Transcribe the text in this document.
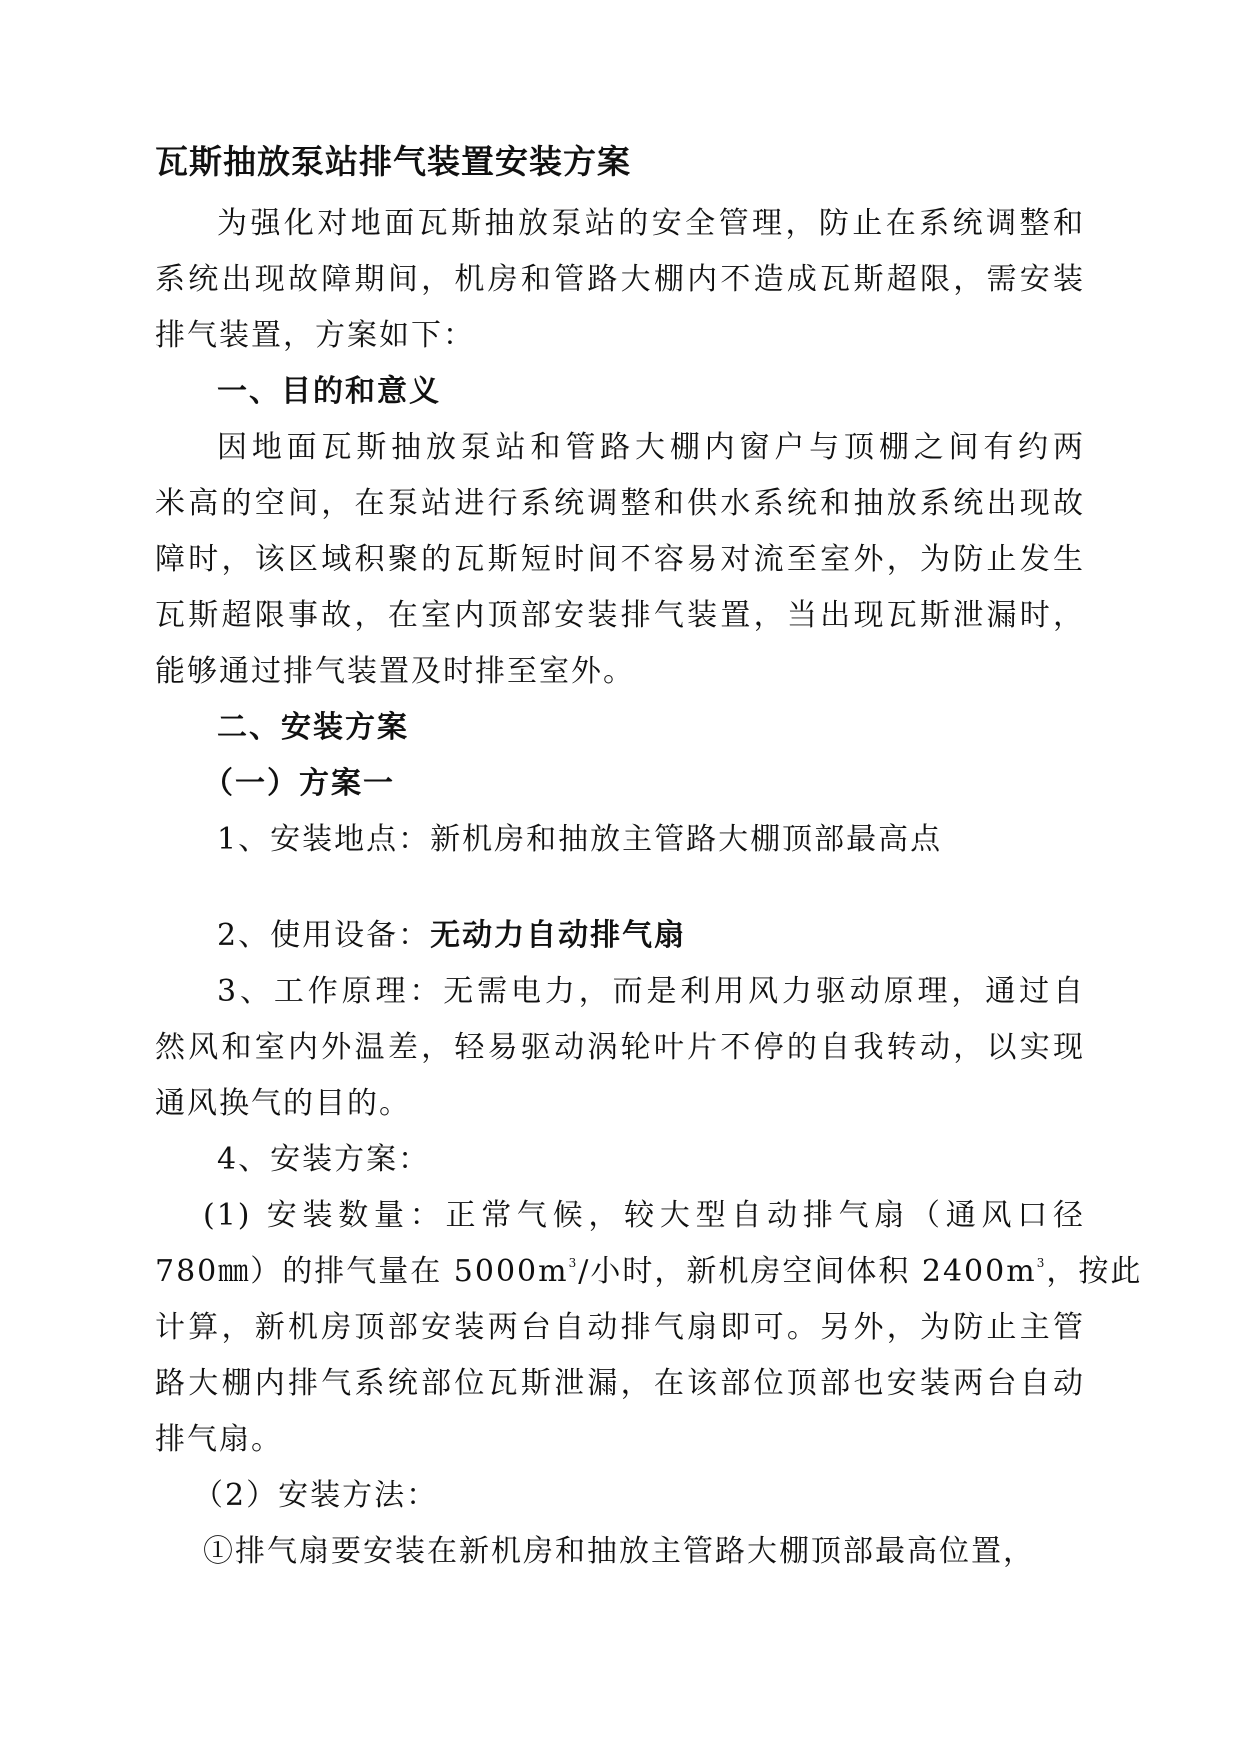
瓦斯抽放泵站排气装置安装方案
为强化对地面瓦斯抽放泵站的安全管理，防止在系统调整和
系统出现故障期间，机房和管路大棚内不造成瓦斯超限，需安装
排气装置，方案如下：
一、目的和意义
因地面瓦斯抽放泵站和管路大棚内窗户与顶棚之间有约两
米高的空间，在泵站进行系统调整和供水系统和抽放系统出现故
障时，该区域积聚的瓦斯短时间不容易对流至室外，为防止发生
瓦斯超限事故，在室内顶部安装排气装置，当出现瓦斯泄漏时，
能够通过排气装置及时排至室外。
二、安装方案
（一）方案一
1、安装地点：新机房和抽放主管路大棚顶部最高点
2、使用设备：无动力自动排气扇
3、工作原理：无需电力，而是利用风力驱动原理，通过自
然风和室内外温差，轻易驱动涡轮叶片不停的自我转动，以实现
通风换气的目的。
4、安装方案：
(1) 安装数量：正常气候，较大型自动排气扇（通风口径
780㎜）的排气量在 $5000m^3/$小时，新机房空间体积 $2400m^3$，按此
计算，新机房顶部安装两台自动排气扇即可。另外，为防止主管
路大棚内排气系统部位瓦斯泄漏，在该部位顶部也安装两台自动
排气扇。
（2）安装方法：
①排气扇要安装在新机房和抽放主管路大棚顶部最高位置，
